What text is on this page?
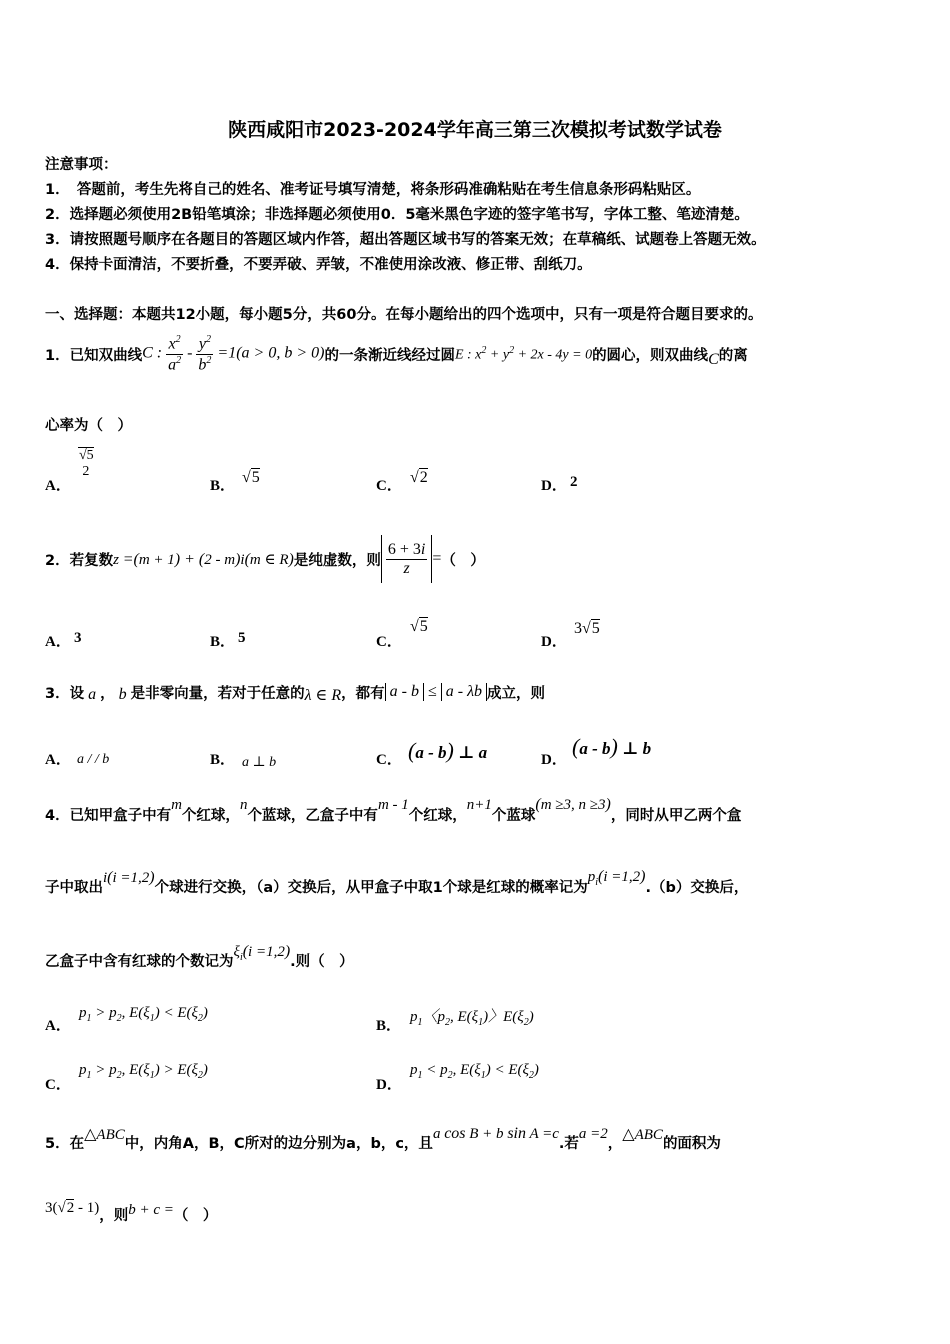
陕西咸阳市2023-2024学年高三第三次模拟考试数学试卷
注意事项：
1．　答题前，考生先将自己的姓名、准考证号填写清楚，将条形码准确粘贴在考生信息条形码粘贴区。
2．选择题必须使用2B铅笔填涂；非选择题必须使用0．5毫米黑色字迹的签字笔书写，字体工整、笔迹清楚。
3．请按照题号顺序在各题目的答题区域内作答，超出答题区域书写的答案无效；在草稿纸、试题卷上答题无效。
4．保持卡面清洁，不要折叠，不要弄破、弄皱，不准使用涂改液、修正带、刮纸刀。
一、选择题：本题共12小题，每小题5分，共60分。在每小题给出的四个选项中，只有一项是符合题目要求的。
1．已知双曲线 C : $\frac{x^2}{a^2} - \frac{y^2}{b^2} =1(a > 0$, b > 0) 的一条渐近线经过圆 E : $x^2 + y^2 + 2x - 4y = 0$ 的圆心，则双曲线 C 的离
心率为（　）
A．
√5
2
B． √5	C． √2	D． 2
2．若复数 z =(m + 1) + (2 - m)i(m ∈ R) 是纯虚数，则 $\frac{6 + 3i}{z}$ = （　）
A． 3	B． 5	C．
√5
D．
3√5
3．设 a ， b 是非零向量，若对于任意的 λ ∈ R ，都有 a - b ≤ a - λb 成立，则
A． a / / b	B． a ⊥ b	C． (a - b) ⊥ a	D．
(a - b) ⊥ b
4．已知甲盒子中有
m
个红球，
n
个蓝球，乙盒子中有
m - 1
个红球，
n+1
个蓝球
(m ≥3, n ≥3)
，同时从甲乙两个盒
子中取出
i(i =1,2)
个球进行交换，（a）交换后，从甲盒子中取1个球是红球的概率记为
$p_i(i =1,2)$
.（b）交换后，
乙盒子中含有红球的个数记为
$\xi_i(i =1,2)$
.则（　）
A．
$p_1 > p_2$, $E(\xi_1) < E(\xi_2)$
B．
$p_1$〈$p_2$, $E(\xi_1)$〉$E(\xi_2)$
C．
$p_1 > p_2$, $E(\xi_1) > E(\xi_2)$
D．
$p_1 < p_2$, $E(\xi_1) < E(\xi_2)$
5．在
△ABC
中，内角A，B，C所对的边分别为a，b，c，且
a cos B + b sin A =c
.若
a =2
，
△ABC
的面积为
3(√2 - 1) ，则 b + c = （　）
